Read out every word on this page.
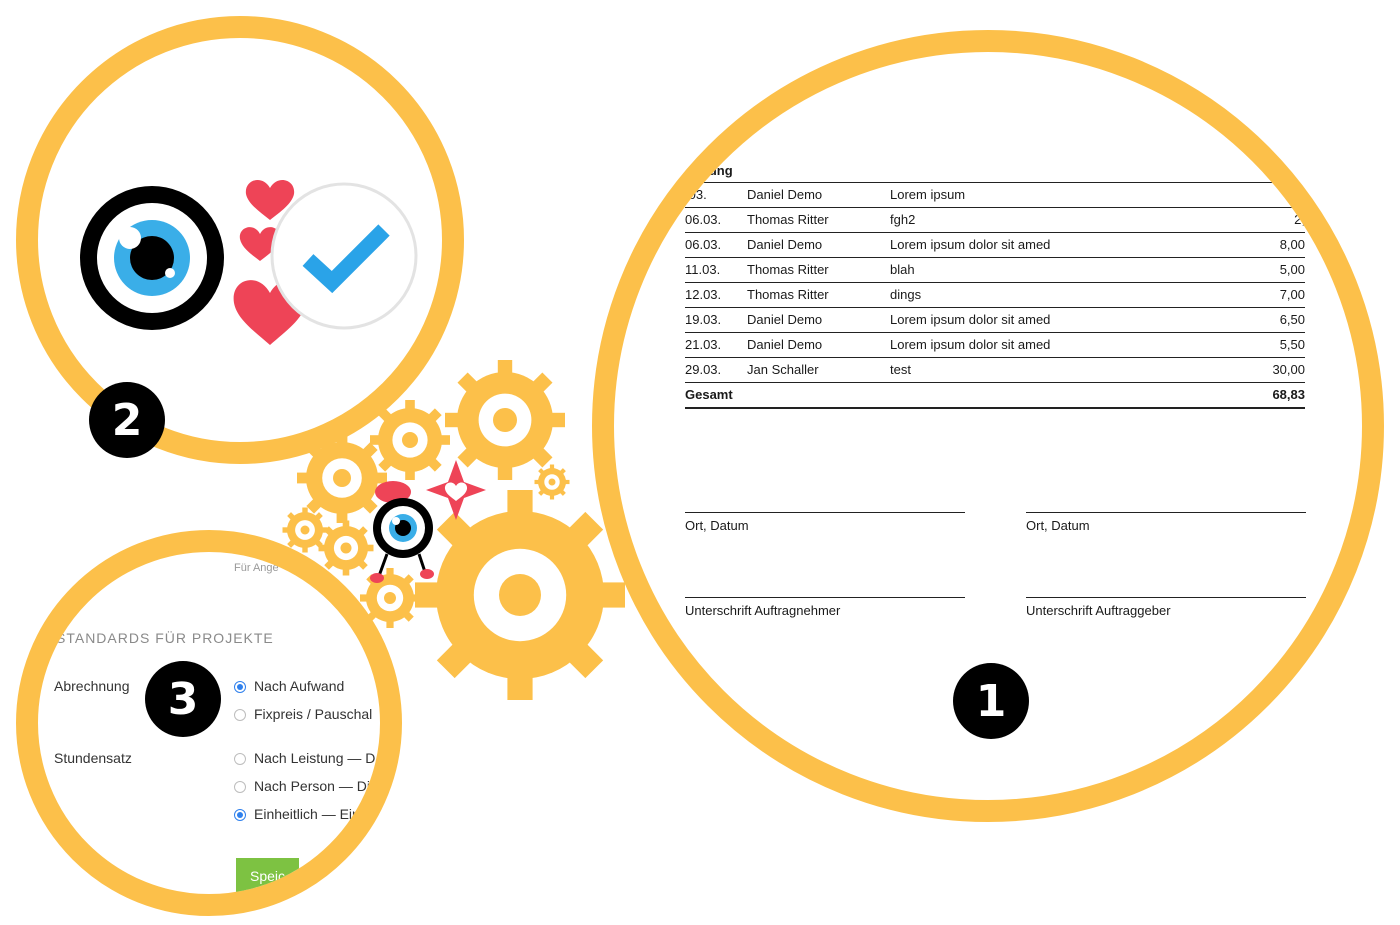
eratung
.03.	Daniel Demo	Lorem ipsum
06.03.	Thomas Ritter	fgh2	2,
06.03.	Daniel Demo	Lorem ipsum dolor sit amed	8,00
11.03.	Thomas Ritter	blah	5,00
12.03.	Thomas Ritter	dings	7,00
19.03.	Daniel Demo	Lorem ipsum dolor sit amed	6,50
21.03.	Daniel Demo	Lorem ipsum dolor sit amed	5,50
29.03.	Jan Schaller	test	30,00
Gesamt	68,83
Ort, Datum	Ort, Datum
Unterschrift Auftragnehmer	Unterschrift Auftraggeber
1
2
Für Ange
STANDARDS FÜR PROJEKTE
Abrechnung	Nach Aufwand
Fixpreis / Pauschal
Stundensatz	Nach Leistung — D
Nach Person — Di
Einheitlich — Ein
Speic
3
